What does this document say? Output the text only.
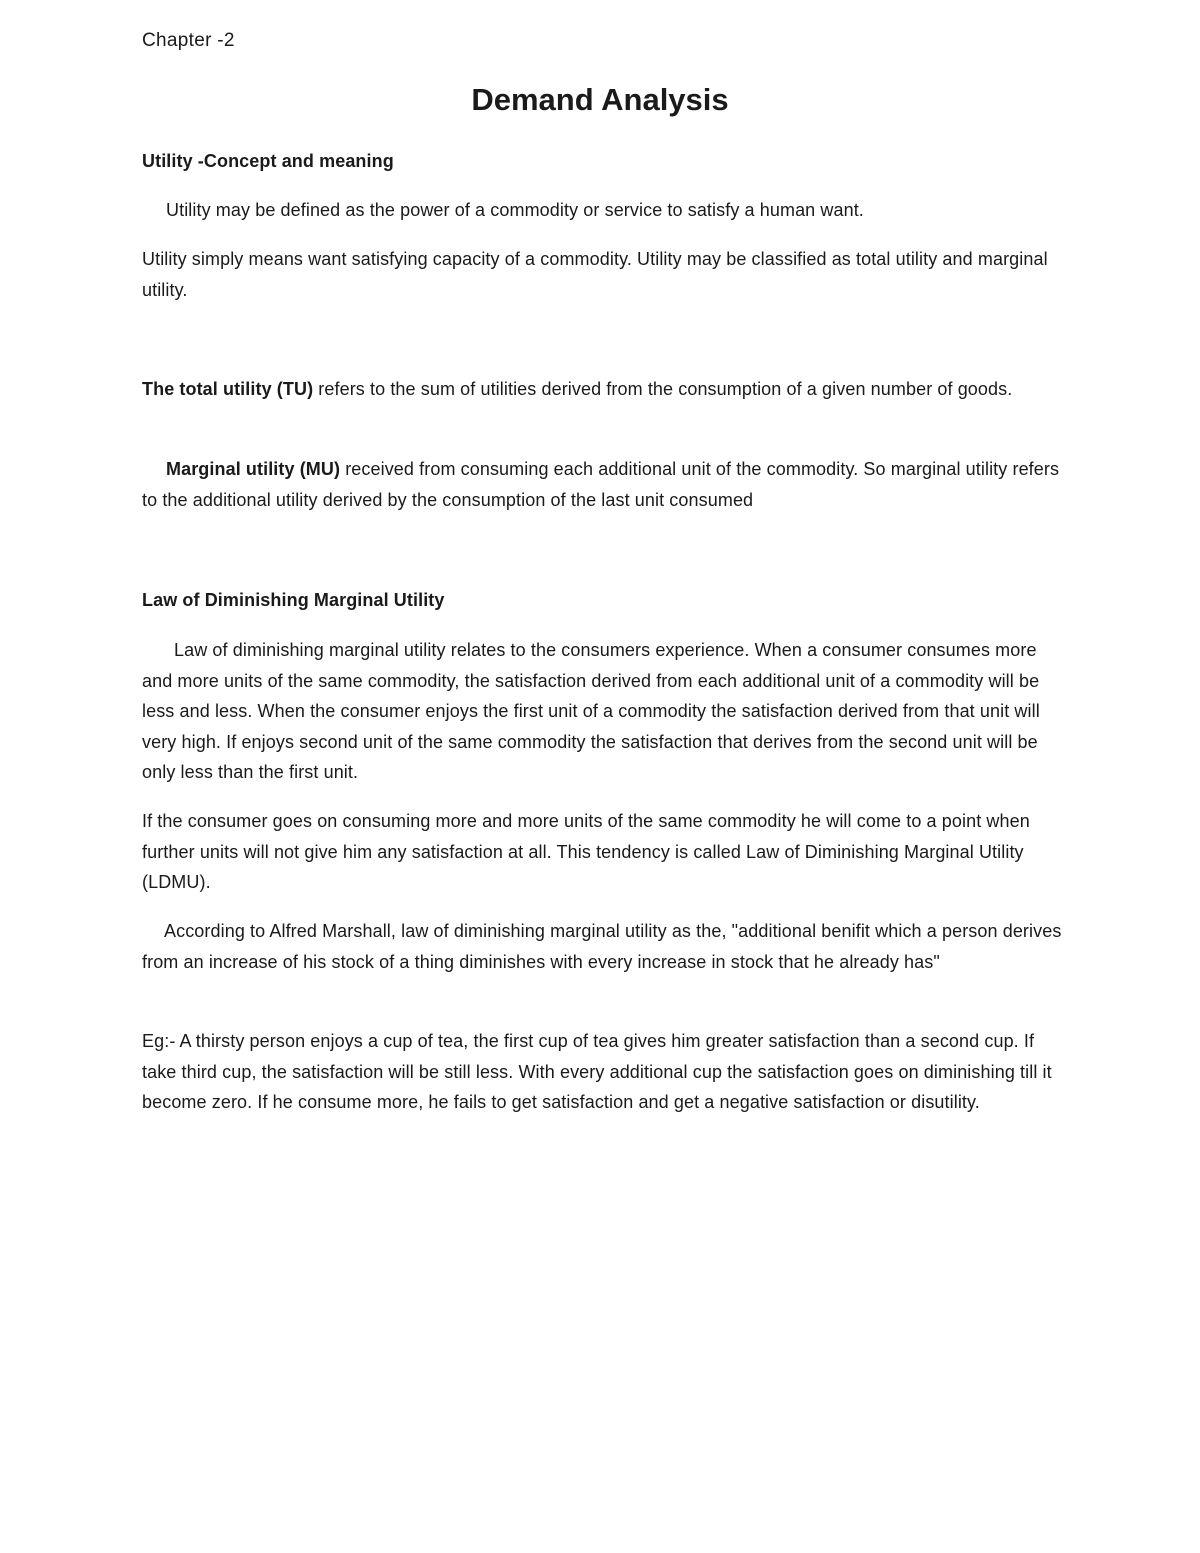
Chapter -2
Demand Analysis
Utility -Concept and meaning
Utility may be defined as the power of a commodity or service to satisfy a human want.
Utility simply means want satisfying capacity of a commodity. Utility may be classified as total utility and marginal utility.
The total utility (TU) refers to the sum of utilities derived from the consumption of a given number of goods.
Marginal utility (MU) received from consuming each additional unit of the commodity. So marginal utility refers to the additional utility derived by the consumption of the last unit consumed
Law of Diminishing Marginal Utility
Law of diminishing marginal utility relates to the consumers experience. When a consumer consumes more and more units of the same commodity, the satisfaction derived from each additional unit of a commodity will be less and less. When the consumer enjoys the first unit of a commodity the satisfaction derived from that unit will very high. If enjoys second unit of the same commodity the satisfaction that derives from the second unit will be only less than the first unit.
If the consumer goes on consuming more and more units of the same commodity he will come to a point when further units will not give him any satisfaction at all. This tendency is called Law of Diminishing Marginal Utility (LDMU).
According to Alfred Marshall, law of diminishing marginal utility as the, "additional benifit which a person derives from an increase of his stock of a thing diminishes with every increase in stock that he already has"
Eg:- A thirsty person enjoys a cup of tea, the first cup of tea gives him greater satisfaction than a second cup. If take third cup, the satisfaction will be still less. With every additional cup the satisfaction goes on diminishing till it become zero. If he consume more, he fails to get satisfaction and get a negative satisfaction or disutility.
